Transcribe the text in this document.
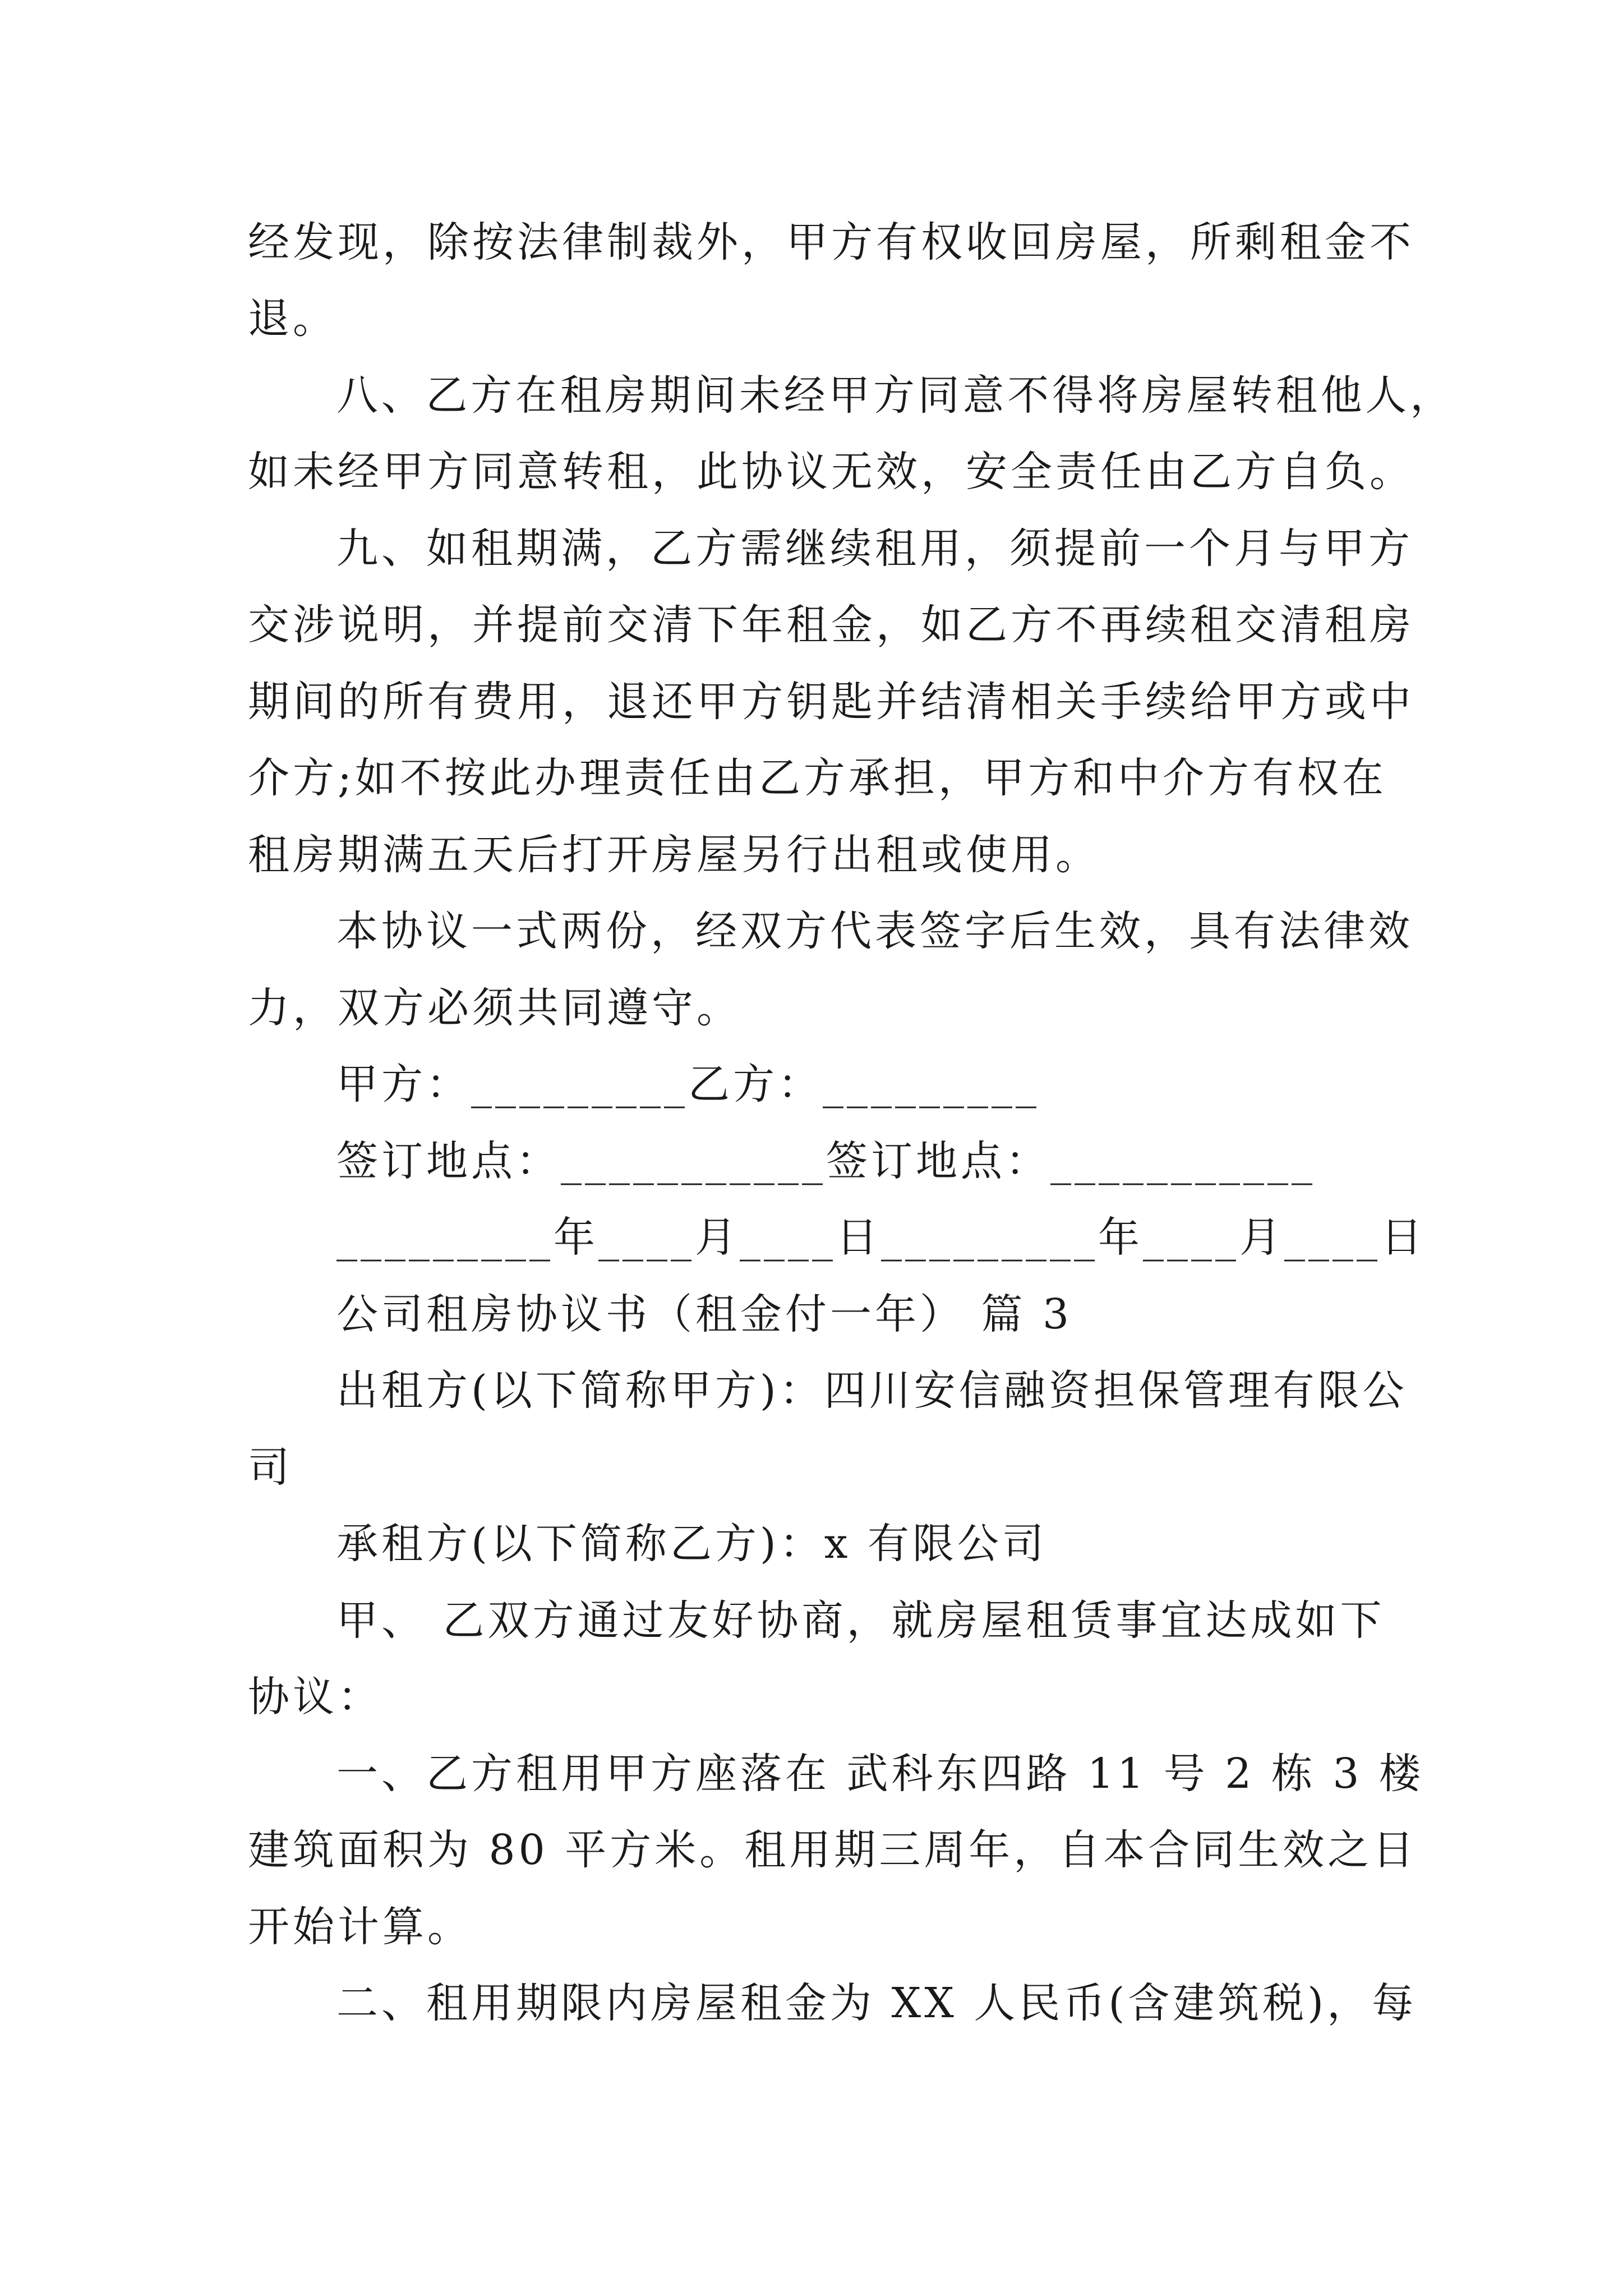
经发现，除按法律制裁外，甲方有权收回房屋，所剩租金不
退。
八、乙方在租房期间未经甲方同意不得将房屋转租他人，
如未经甲方同意转租，此协议无效，安全责任由乙方自负。
九、如租期满，乙方需继续租用，须提前一个月与甲方
交涉说明，并提前交清下年租金，如乙方不再续租交清租房
期间的所有费用，退还甲方钥匙并结清相关手续给甲方或中
介方;如不按此办理责任由乙方承担，甲方和中介方有权在
租房期满五天后打开房屋另行出租或使用。
本协议一式两份，经双方代表签字后生效，具有法律效
力，双方必须共同遵守。
甲方：_________乙方：_________
签订地点：___________签订地点：___________
_________年____月____日_________年____月____日
公司租房协议书（租金付一年） 篇 3
出租方(以下简称甲方)：四川安信融资担保管理有限公
司
承租方(以下简称乙方)：x 有限公司
甲、 乙双方通过友好协商，就房屋租赁事宜达成如下
协议：
一、乙方租用甲方座落在 武科东四路 11 号 2 栋 3 楼
建筑面积为 80 平方米。租用期三周年，自本合同生效之日
开始计算。
二、租用期限内房屋租金为 XX 人民币(含建筑税)，每
